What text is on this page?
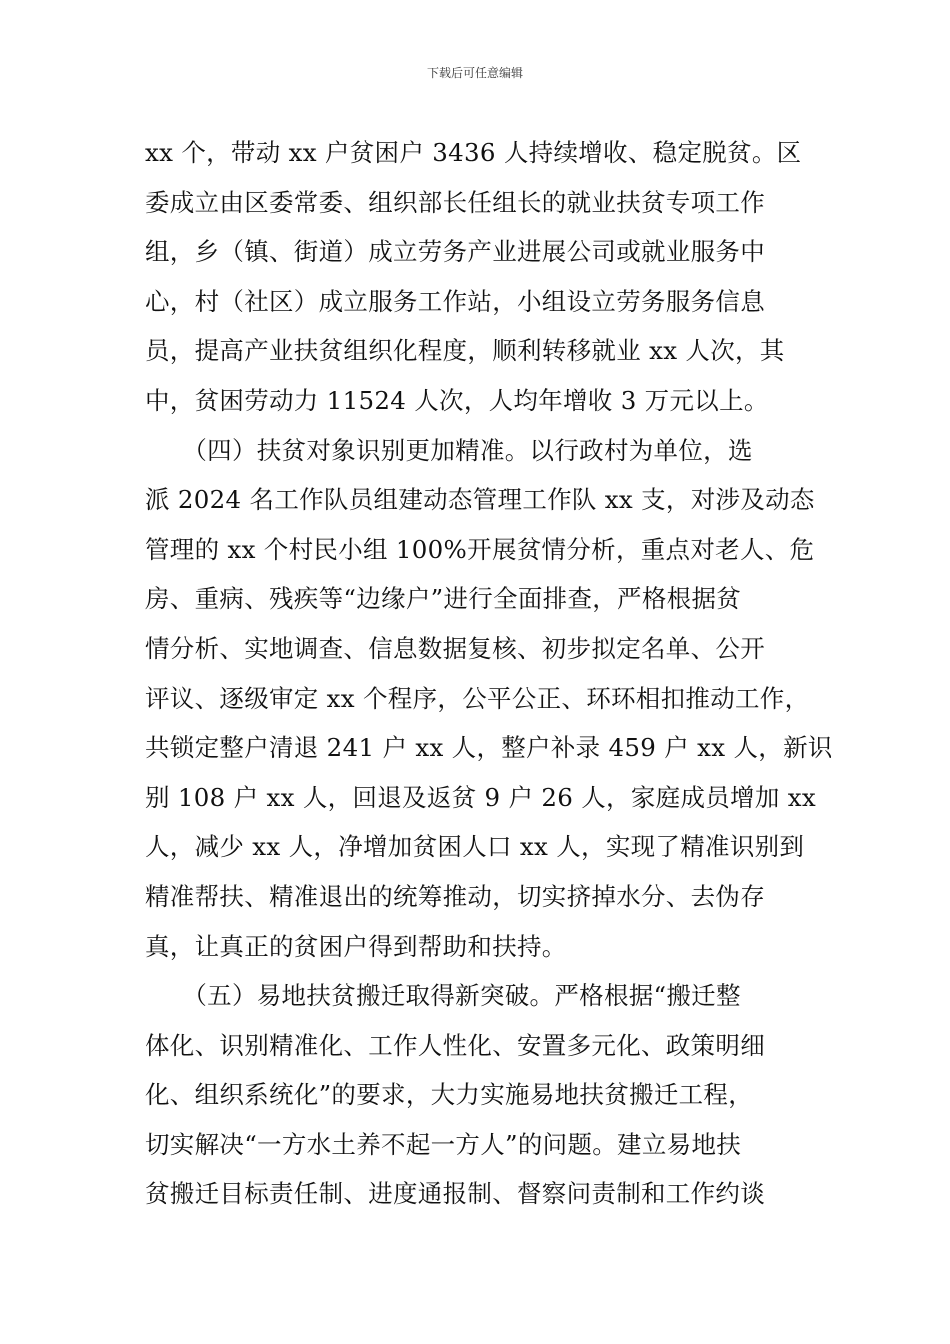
下载后可任意编辑
xx 个，带动 xx 户贫困户 3436 人持续增收、稳定脱贫。区
委成立由区委常委、组织部长任组长的就业扶贫专项工作
组，乡（镇、街道）成立劳务产业进展公司或就业服务中
心，村（社区）成立服务工作站，小组设立劳务服务信息
员，提高产业扶贫组织化程度，顺利转移就业 xx 人次，其
中，贫困劳动力 11524 人次，人均年增收 3 万元以上。
　　（四）扶贫对象识别更加精准。以行政村为单位，选
派 2024 名工作队员组建动态管理工作队 xx 支，对涉及动态
管理的 xx 个村民小组 100%开展贫情分析，重点对老人、危
房、重病、残疾等“边缘户”进行全面排查，严格根据贫
情分析、实地调查、信息数据复核、初步拟定名单、公开
评议、逐级审定 xx 个程序，公平公正、环环相扣推动工作，
共锁定整户清退 241 户 xx 人，整户补录 459 户 xx 人，新识
别 108 户 xx 人，回退及返贫 9 户 26 人，家庭成员增加 xx
人，减少 xx 人，净增加贫困人口 xx 人，实现了精准识别到
精准帮扶、精准退出的统筹推动，切实挤掉水分、去伪存
真，让真正的贫困户得到帮助和扶持。
　　（五）易地扶贫搬迁取得新突破。严格根据“搬迁整
体化、识别精准化、工作人性化、安置多元化、政策明细
化、组织系统化”的要求，大力实施易地扶贫搬迁工程，
切实解决“一方水土养不起一方人”的问题。建立易地扶
贫搬迁目标责任制、进度通报制、督察问责制和工作约谈
